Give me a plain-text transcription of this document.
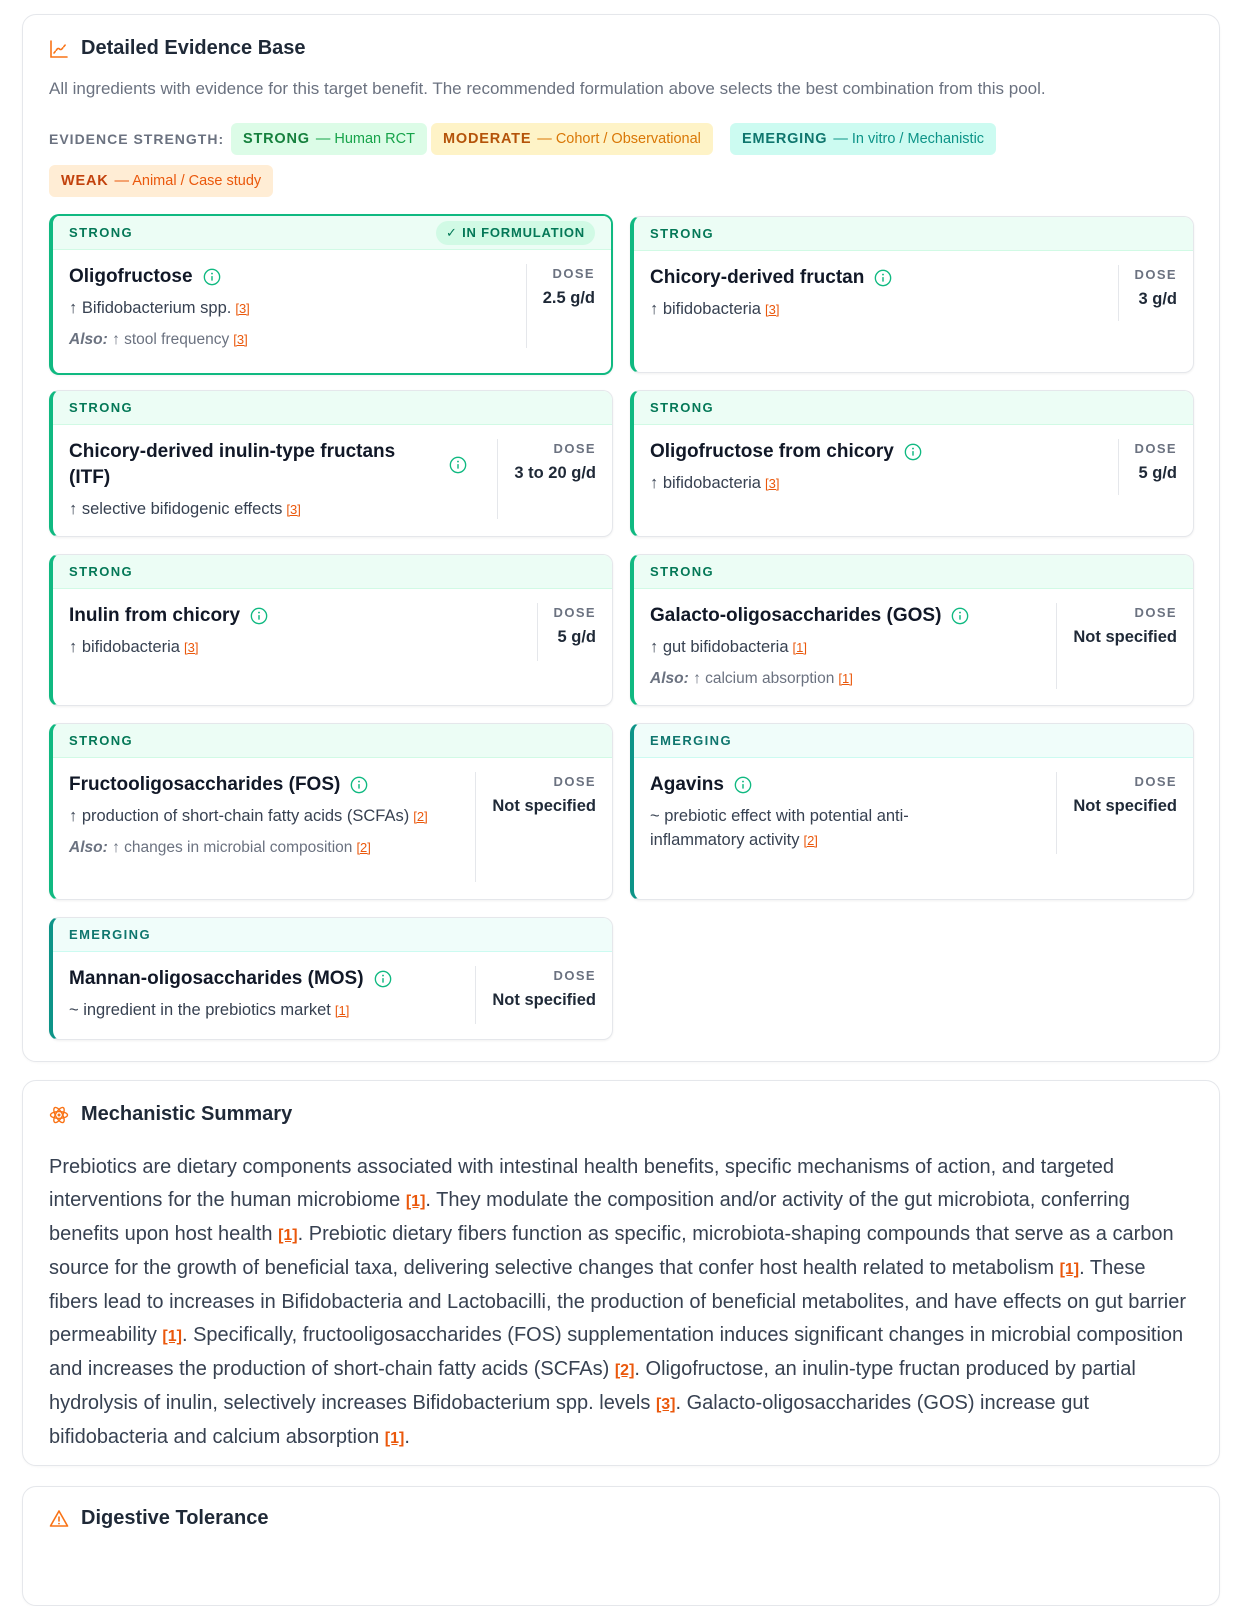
Detailed Evidence Base
All ingredients with evidence for this target benefit. The recommended formulation above selects the best combination from this pool.
EVIDENCE STRENGTH: STRONG — Human RCT MODERATE — Cohort / Observational	EMERGING — In vitro / Mechanistic
WEAK — Animal / Case study
STRONG	✓ IN FORMULATION
Oligofructose
↑ Bifidobacterium spp. [3]
Also: ↑ stool frequency [3]
DOSE
2.5 g/d
STRONG
Chicory-derived fructan
↑ bifidobacteria [3]
DOSE
3 g/d
STRONG
Chicory-derived inulin-type fructans (ITF)
↑ selective bifidogenic effects [3]
DOSE
3 to 20 g/d
STRONG
Oligofructose from chicory
↑ bifidobacteria [3]
DOSE
5 g/d
STRONG
Inulin from chicory
↑ bifidobacteria [3]
DOSE
5 g/d
STRONG
Galacto-oligosaccharides (GOS)
↑ gut bifidobacteria [1]
Also: ↑ calcium absorption [1]
DOSE
Not specified
STRONG
Fructooligosaccharides (FOS)
↑ production of short-chain fatty acids (SCFAs) [2]
Also: ↑ changes in microbial composition [2]
DOSE
Not specified
EMERGING
Agavins
~ prebiotic effect with potential anti-inflammatory activity [2]
DOSE
Not specified
EMERGING
Mannan-oligosaccharides (MOS)
~ ingredient in the prebiotics market [1]
DOSE
Not specified
Mechanistic Summary

Prebiotics are dietary components associated with intestinal health benefits, specific mechanisms of action, and targeted interventions for the human microbiome [1]. They modulate the composition and/or activity of the gut microbiota, conferring benefits upon host health [1]. Prebiotic dietary fibers function as specific, microbiota-shaping compounds that serve as a carbon source for the growth of beneficial taxa, delivering selective changes that confer host health related to metabolism [1]. These fibers lead to increases in Bifidobacteria and Lactobacilli, the production of beneficial metabolites, and have effects on gut barrier permeability [1]. Specifically, fructooligosaccharides (FOS) supplementation induces significant changes in microbial composition and increases the production of short-chain fatty acids (SCFAs) [2]. Oligofructose, an inulin-type fructan produced by partial hydrolysis of inulin, selectively increases Bifidobacterium spp. levels [3]. Galacto-oligosaccharides (GOS) increase gut bifidobacteria and calcium absorption [1].

Digestive Tolerance
